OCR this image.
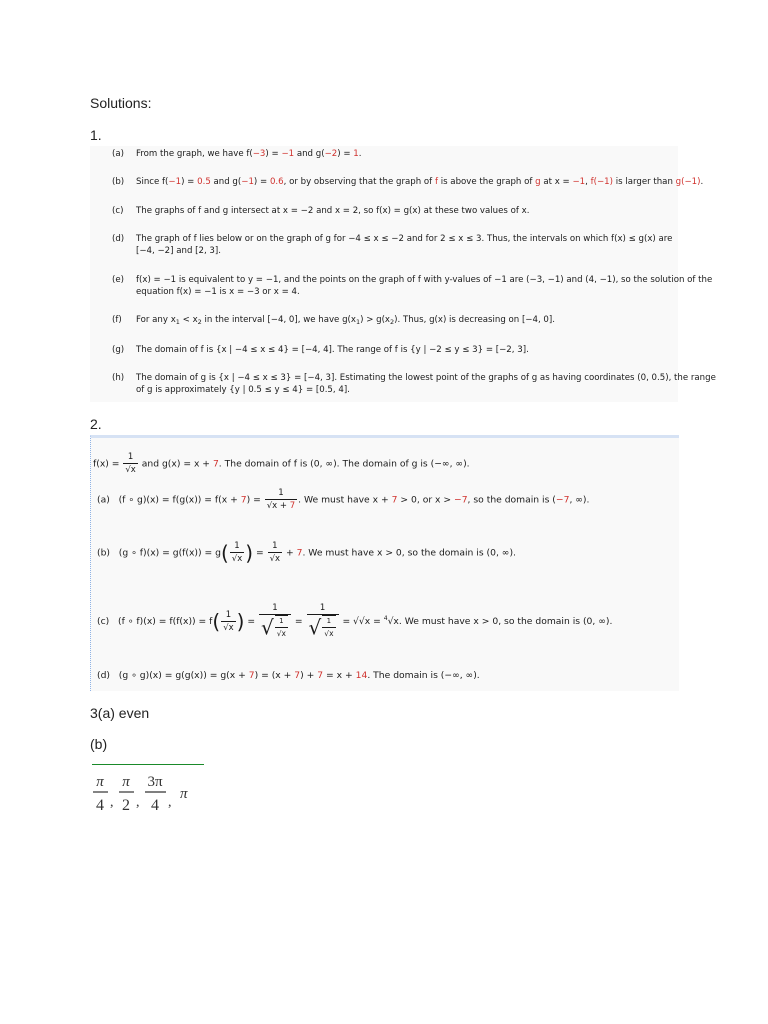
Solutions:
1.
(a) From the graph, we have f(−3) = −1 and g(−2) = 1.
(b) Since f(−1) = 0.5 and g(−1) = 0.6, or by observing that the graph of f is above the graph of g at x = −1, f(−1) is larger than g(−1).
(c) The graphs of f and g intersect at x = −2 and x = 2, so f(x) = g(x) at these two values of x.
(d) The graph of f lies below or on the graph of g for −4 ≤ x ≤ −2 and for 2 ≤ x ≤ 3. Thus, the intervals on which f(x) ≤ g(x) are
[−4, −2] and [2, 3].
(e) f(x) = −1 is equivalent to y = −1, and the points on the graph of f with y-values of −1 are (−3, −1) and (4, −1), so the solution of the
equation f(x) = −1 is x = −3 or x = 4.
(f) For any $x_1 < x_2$ in the interval [−4, 0], we have $g(x_1) > g(x_2)$. Thus, g(x) is decreasing on [−4, 0].
(g) The domain of f is {x | −4 ≤ x ≤ 4} = [−4, 4]. The range of f is {y | −2 ≤ y ≤ 3} = [−2, 3].
(h) The domain of g is {x | −4 ≤ x ≤ 3} = [−4, 3]. Estimating the lowest point of the graphs of g as having coordinates (0, 0.5), the range
of g is approximately {y | 0.5 ≤ y ≤ 4} = [0.5, 4].
2.
$f(x) = \frac{1}{√x}$ and g(x) = x + 7. The domain of f is (0, ∞). The domain of g is (−∞, ∞).
(a) (f ∘ $g)(x) = f(g(x)) = f(x + 7) = \frac{1}{√x + 7}$ . We must have x + 7 > 0, or x > −7, so the domain is (−7, ∞).
(b) (g ∘ $f)(x) = g(f(x)) = g( \frac{1}{√x}$ ) = $\frac{1}{√x} + 7$. We must have x > 0, so the domain is (0, ∞).
(c) (f ∘ $f)(x) = f(f(x)) = f( \frac{1}{√x}$ ) = $\frac{1}{√ \frac{1}{√x}} = \frac{1}{√ \frac{1}{√x}} = √√x = ^4√x$. We must have x > 0, so the domain is (0, ∞).
(d) (g ∘ g)(x) = g(g(x)) = g(x + 7) = (x + 7) + 7 = x + 14. The domain is (−∞, ∞).
3(a) even
(b)
π
4 ,
π
2 ,
3π
4 ,
π
